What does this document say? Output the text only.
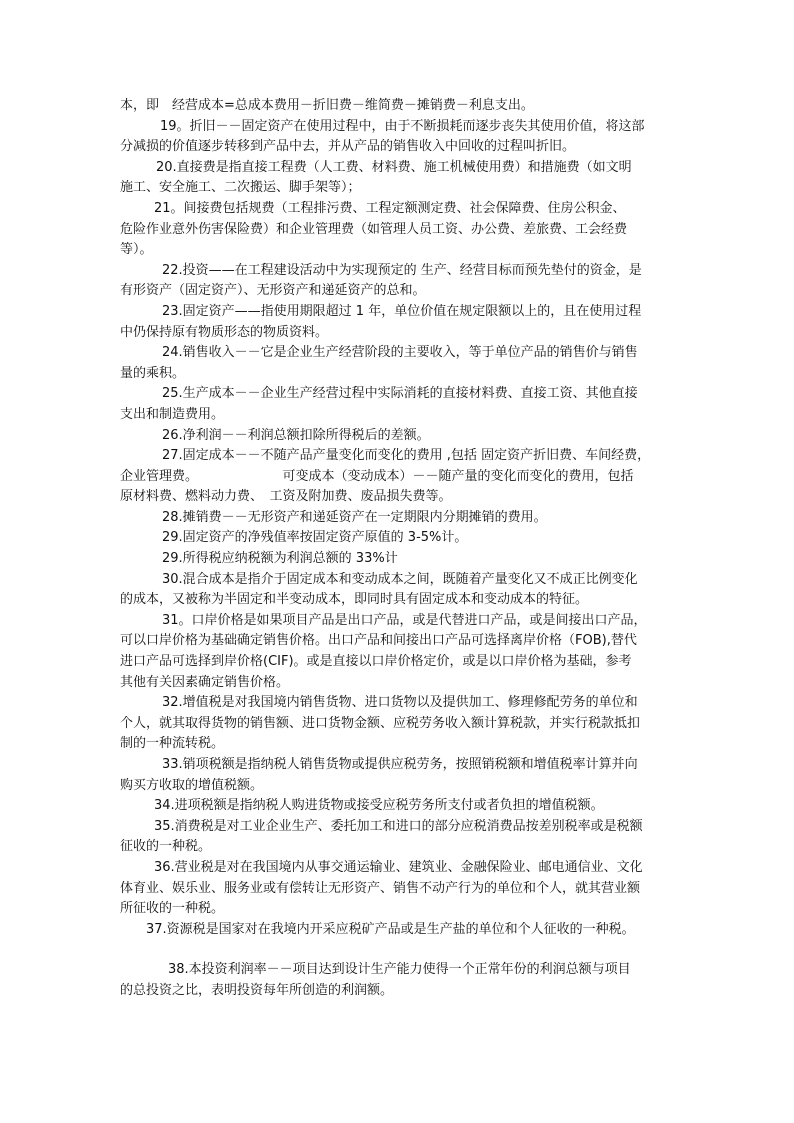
本，即　经营成本=总成本费用－折旧费－维简费－摊销费－利息支出。

19。折旧－－固定资产在使用过程中，由于不断损耗而逐步丧失其使用价值，将这部
分减损的价值逐步转移到产品中去，并从产品的销售收入中回收的过程叫折旧。

20.直接费是指直接工程费（人工费、材料费、施工机械使用费）和措施费（如文明
施工、安全施工、二次搬运、脚手架等）；

21。间接费包括规费（工程排污费、工程定额测定费、社会保障费、住房公积金、
危险作业意外伤害保险费）和企业管理费（如管理人员工资、办公费、差旅费、工会经费
等）。

22.投资——在工程建设活动中为实现预定的 生产、经营目标而预先垫付的资金，是
有形资产（固定资产）、无形资产和递延资产的总和。

23.固定资产——指使用期限超过 1 年，单位价值在规定限额以上的，且在使用过程
中仍保持原有物质形态的物质资料。

24.销售收入－－它是企业生产经营阶段的主要收入，等于单位产品的销售价与销售
量的乘积。

25.生产成本－－企业生产经营过程中实际消耗的直接材料费、直接工资、其他直接
支出和制造费用。

26.净利润－－利润总额扣除所得税后的差额。

27.固定成本－－不随产品产量变化而变化的费用 ,包括 固定资产折旧费、车间经费，
企业管理费。　　　　　　　可变成本（变动成本）－－随产量的变化而变化的费用，包括
原材料费、燃料动力费、　工资及附加费、废品损失费等。

28.摊销费－－无形资产和递延资产在一定期限内分期摊销的费用。

29.固定资产的净残值率按固定资产原值的 3-5%计。

29.所得税应纳税额为利润总额的 33%计

30.混合成本是指介于固定成本和变动成本之间，既随着产量变化又不成正比例变化
的成本，又被称为半固定和半变动成本，即同时具有固定成本和变动成本的特征。

31。口岸价格是如果项目产品是出口产品，或是代替进口产品，或是间接出口产品，
可以口岸价格为基础确定销售价格。出口产品和间接出口产品可选择离岸价格（FOB),替代
进口产品可选择到岸价格(CIF)。或是直接以口岸价格定价，或是以口岸价格为基础，参考
其他有关因素确定销售价格。

32.增值税是对我国境内销售货物、进口货物以及提供加工、修理修配劳务的单位和
个人，就其取得货物的销售额、进口货物金额、应税劳务收入额计算税款，并实行税款抵扣
制的一种流转税。

33.销项税额是指纳税人销售货物或提供应税劳务，按照销税额和增值税率计算并向
购买方收取的增值税额。

34.进项税额是指纳税人购进货物或接受应税劳务所支付或者负担的增值税额。

35.消费税是对工业企业生产、委托加工和进口的部分应税消费品按差别税率或是税额
征收的一种税。

36.营业税是对在我国境内从事交通运输业、建筑业、金融保险业、邮电通信业、文化
体育业、娱乐业、服务业或有偿转让无形资产、销售不动产行为的单位和个人，就其营业额
所征收的一种税。

37.资源税是国家对在我境内开采应税矿产品或是生产盐的单位和个人征收的一种税。

38.本投资利润率－－项目达到设计生产能力使得一个正常年份的利润总额与项目
的总投资之比，表明投资每年所创造的利润额。
